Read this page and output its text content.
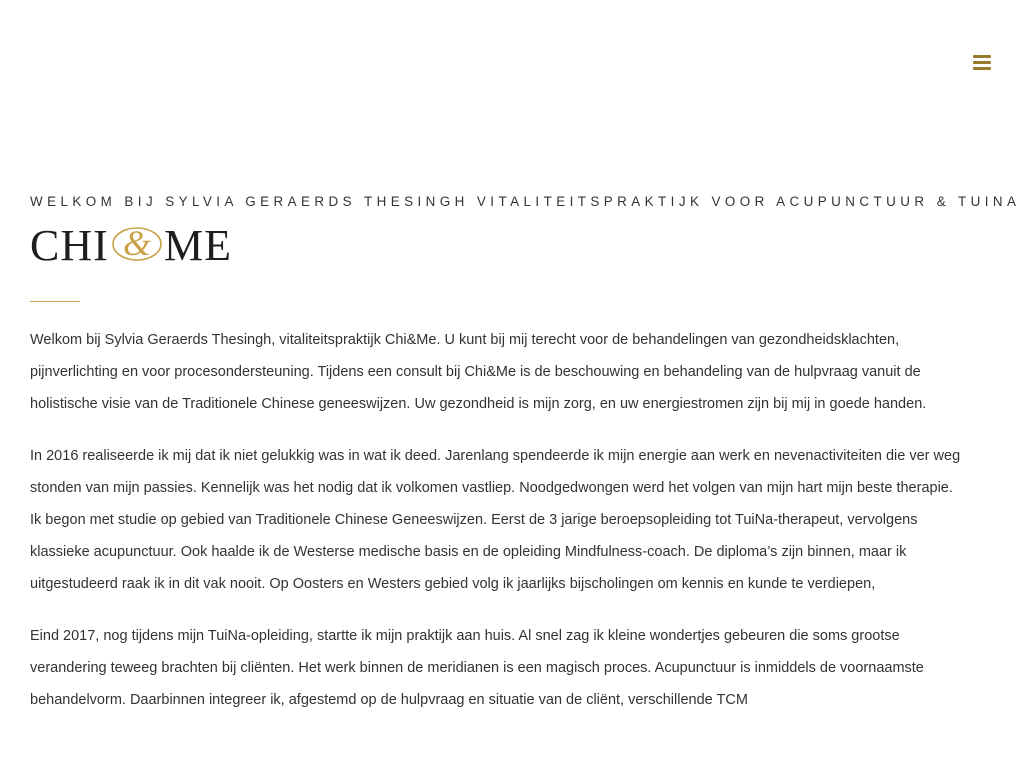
WELKOM BIJ SYLVIA GERAERDS THESINGH VITALITEITSPRAKTIJK VOOR ACUPUNCTUUR & TUINA

CHI & ME

Welkom bij Sylvia Geraerds Thesingh, vitaliteitspraktijk Chi&Me. U kunt bij mij terecht voor de behandelingen van gezondheidsklachten, pijnverlichting en voor procesondersteuning. Tijdens een consult bij Chi&Me is de beschouwing en behandeling van de hulpvraag vanuit de holistische visie van de Traditionele Chinese geneeswijzen. Uw gezondheid is mijn zorg, en uw energiestromen zijn bij mij in goede handen.

In 2016 realiseerde ik mij dat ik niet gelukkig was in wat ik deed. Jarenlang spendeerde ik mijn energie aan werk en nevenactiviteiten die ver weg stonden van mijn passies. Kennelijk was het nodig dat ik volkomen vastliep. Noodgedwongen werd het volgen van mijn hart mijn beste therapie. Ik begon met studie op gebied van Traditionele Chinese Geneeswijzen. Eerst de 3 jarige beroepsopleiding tot TuiNa-therapeut, vervolgens klassieke acupunctuur. Ook haalde ik de Westerse medische basis en de opleiding Mindfulness-coach. De diploma’s zijn binnen, maar ik uitgestudeerd raak ik in dit vak nooit. Op Oosters en Westers gebied volg ik jaarlijks bijscholingen om kennis en kunde te verdiepen,

Eind 2017, nog tijdens mijn TuiNa-opleiding, startte ik mijn praktijk aan huis. Al snel zag ik kleine wondertjes gebeuren die soms grootse verandering teweeg brachten bij cliënten. Het werk binnen de meridianen is een magisch proces. Acupunctuur is inmiddels de voornaamste behandelvorm. Daarbinnen integreer ik, afgestemd op de hulpvraag en situatie van de cliënt, verschillende TCM
